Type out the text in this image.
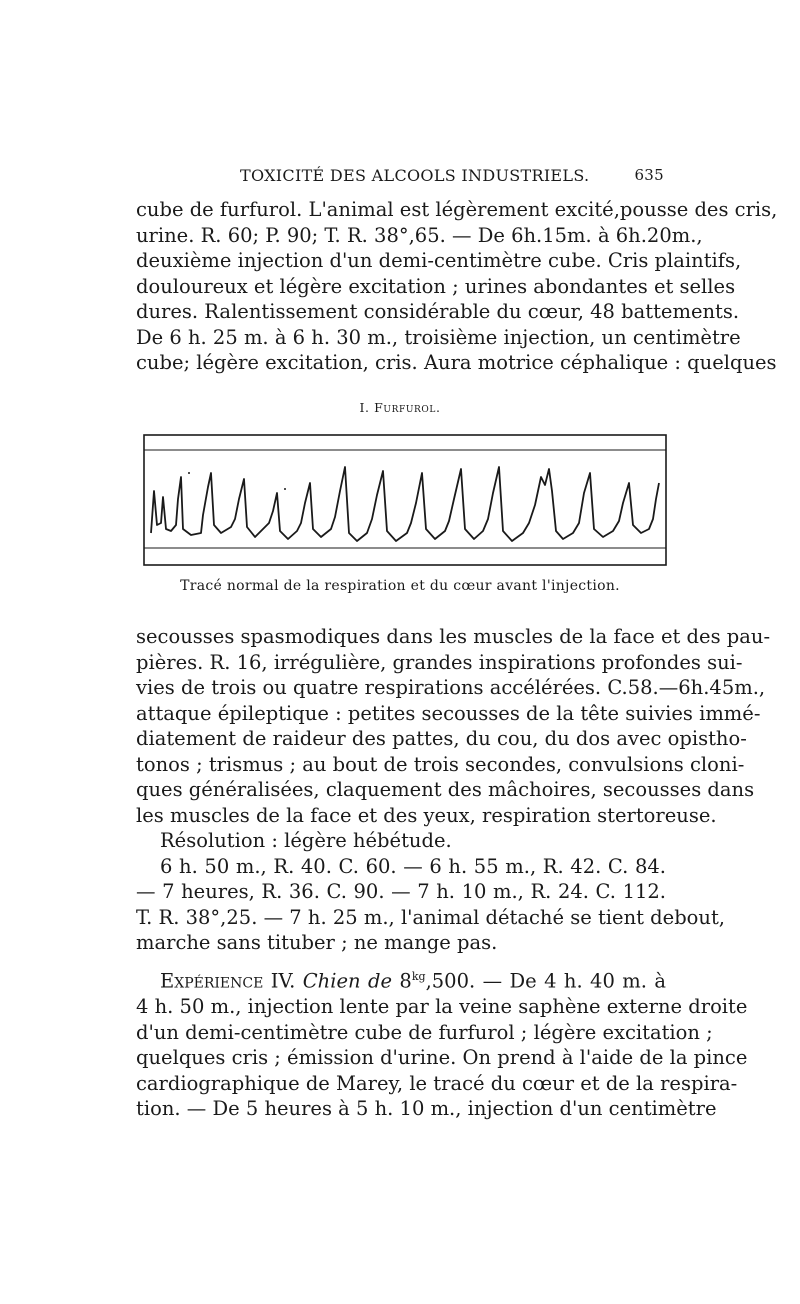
TOXICITÉ DES ALCOOLS INDUSTRIELS.	635
cube de furfurol. L'animal est légèrement excité,pousse des cris,
urine. R. 60; P. 90; T. R. 38°,65. — De 6h.15m. à 6h.20m.,
deuxième injection d'un demi-centimètre cube. Cris plaintifs,
douloureux et légère excitation ; urines abondantes et selles
dures. Ralentissement considérable du cœur, 48 battements.
De 6 h. 25 m. à 6 h. 30 m., troisième injection, un centimètre
cube; légère excitation, cris. Aura motrice céphalique : quelques
I. Furfurol.
Tracé normal de la respiration et du cœur avant l'injection.
secousses spasmodiques dans les muscles de la face et des pau-
pières. R. 16, irrégulière, grandes inspirations profondes sui-
vies de trois ou quatre respirations accélérées. C.58.—6h.45m.,
attaque épileptique : petites secousses de la tête suivies immé-
diatement de raideur des pattes, du cou, du dos avec opistho-
tonos ; trismus ; au bout de trois secondes, convulsions cloni-
ques généralisées, claquement des mâchoires, secousses dans
les muscles de la face et des yeux, respiration stertoreuse.
Résolution : légère hébétude.
6 h. 50 m., R. 40. C. 60. — 6 h. 55 m., R. 42. C. 84.
— 7 heures, R. 36. C. 90. — 7 h. 10 m., R. 24. C. 112.
T. R. 38°,25. — 7 h. 25 m., l'animal détaché se tient debout,
marche sans tituber ; ne mange pas.
Expérience IV. Chien de $8^{kg},500$. — De 4 h. 40 m. à
4 h. 50 m., injection lente par la veine saphène externe droite
d'un demi-centimètre cube de furfurol ; légère excitation ;
quelques cris ; émission d'urine. On prend à l'aide de la pince
cardiographique de Marey, le tracé du cœur et de la respira-
tion. — De 5 heures à 5 h. 10 m., injection d'un centimètre
